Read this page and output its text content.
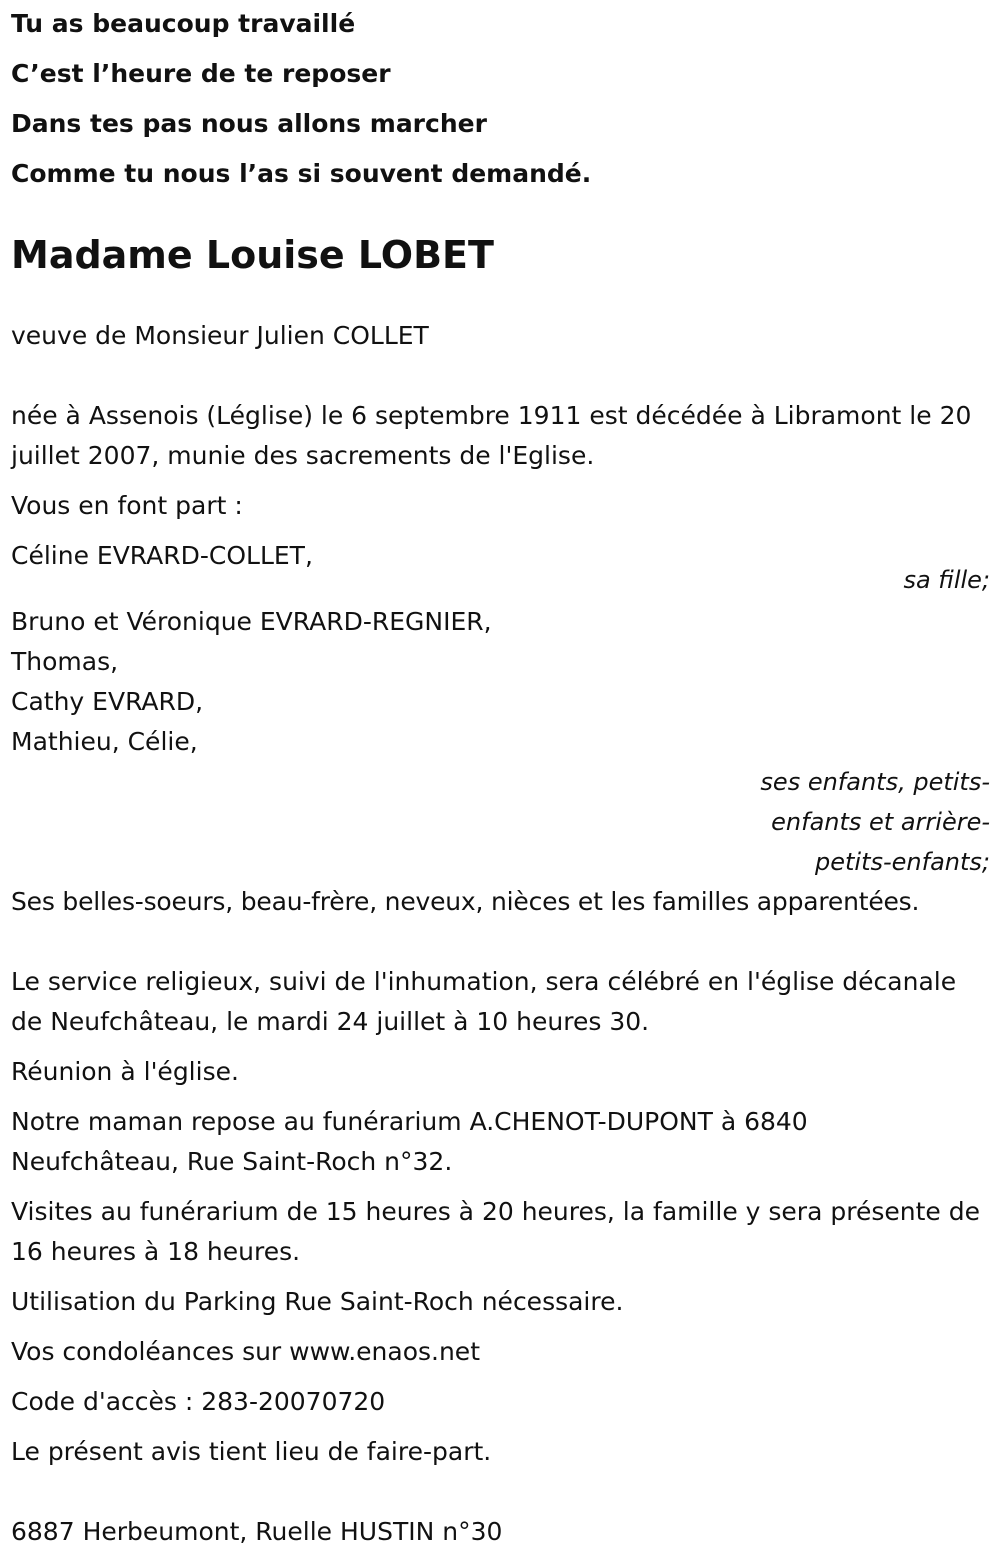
Tu as beaucoup travaillé
C’est l’heure de te reposer
Dans tes pas nous allons marcher
Comme tu nous l’as si souvent demandé.
Madame Louise LOBET

veuve de Monsieur Julien COLLET

née à Assenois (Léglise) le 6 septembre 1911 est décédée à Libramont le 20 juillet 2007, munie des sacrements de l'Eglise.

Vous en font part :

Céline EVRARD-COLLET,

sa fille;

Bruno et Véronique EVRARD-REGNIER,

Thomas,

Cathy EVRARD,

Mathieu, Célie,

ses enfants, petits-enfants et arrière-petits-enfants;

Ses belles-soeurs, beau-frère, neveux, nièces et les familles apparentées.

Le service religieux, suivi de l'inhumation, sera célébré en l'église décanale de Neufchâteau, le mardi 24 juillet à 10 heures 30.

Réunion à l'église.

Notre maman repose au funérarium A.CHENOT-DUPONT à 6840 Neufchâteau, Rue Saint-Roch n°32.

Visites au funérarium de 15 heures à 20 heures, la famille y sera présente de 16 heures à 18 heures.

Utilisation du Parking Rue Saint-Roch nécessaire.

Vos condoléances sur www.enaos.net

Code d'accès : 283-20070720

Le présent avis tient lieu de faire-part.

6887 Herbeumont, Ruelle HUSTIN n°30
